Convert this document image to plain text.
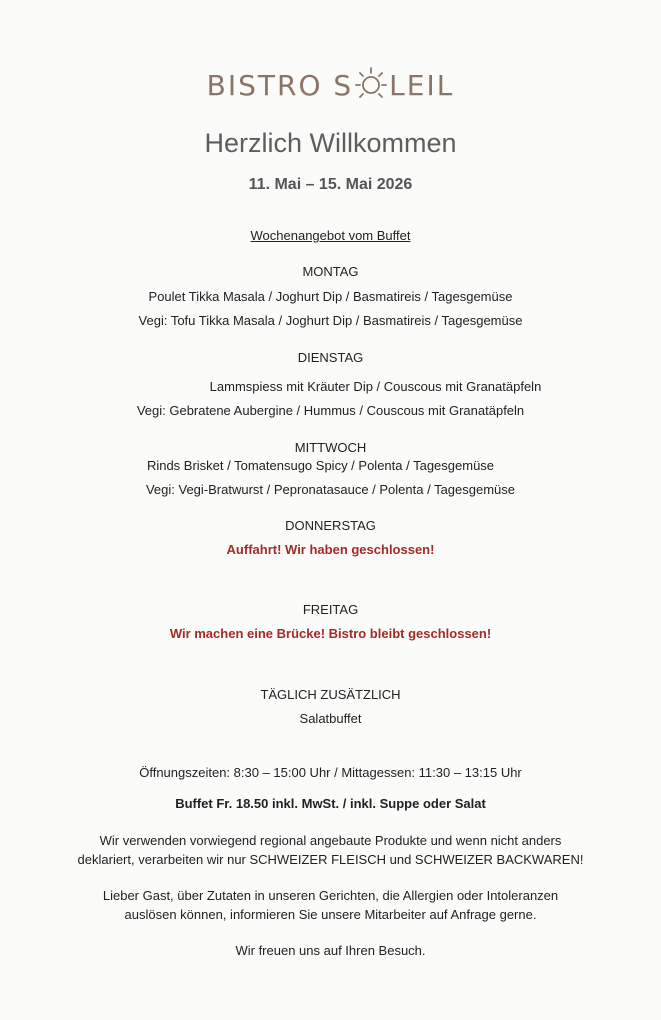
BISTRO S LEIL
Herzlich Willkommen
11. Mai – 15. Mai 2026
Wochenangebot vom Buffet
MONTAG
Poulet Tikka Masala / Joghurt Dip / Basmatireis / Tagesgemüse
Vegi: Tofu Tikka Masala / Joghurt Dip / Basmatireis / Tagesgemüse
DIENSTAG
Lammspiess mit Kräuter Dip / Couscous mit Granatäpfeln
Vegi: Gebratene Aubergine / Hummus / Couscous mit Granatäpfeln
MITTWOCH
Rinds Brisket / Tomatensugo Spicy / Polenta / Tagesgemüse
Vegi: Vegi-Bratwurst / Pepronatasauce / Polenta / Tagesgemüse
DONNERSTAG
Auffahrt! Wir haben geschlossen!
FREITAG
Wir machen eine Brücke! Bistro bleibt geschlossen!
TÄGLICH ZUSÄTZLICH
Salatbuffet
Öffnungszeiten: 8:30 – 15:00 Uhr / Mittagessen: 11:30 – 13:15 Uhr
Buffet Fr. 18.50 inkl. MwSt. / inkl. Suppe oder Salat
Wir verwenden vorwiegend regional angebaute Produkte und wenn nicht anders
deklariert, verarbeiten wir nur SCHWEIZER FLEISCH und SCHWEIZER BACKWAREN!
Lieber Gast, über Zutaten in unseren Gerichten, die Allergien oder Intoleranzen
auslösen können, informieren Sie unsere Mitarbeiter auf Anfrage gerne.
Wir freuen uns auf Ihren Besuch.
